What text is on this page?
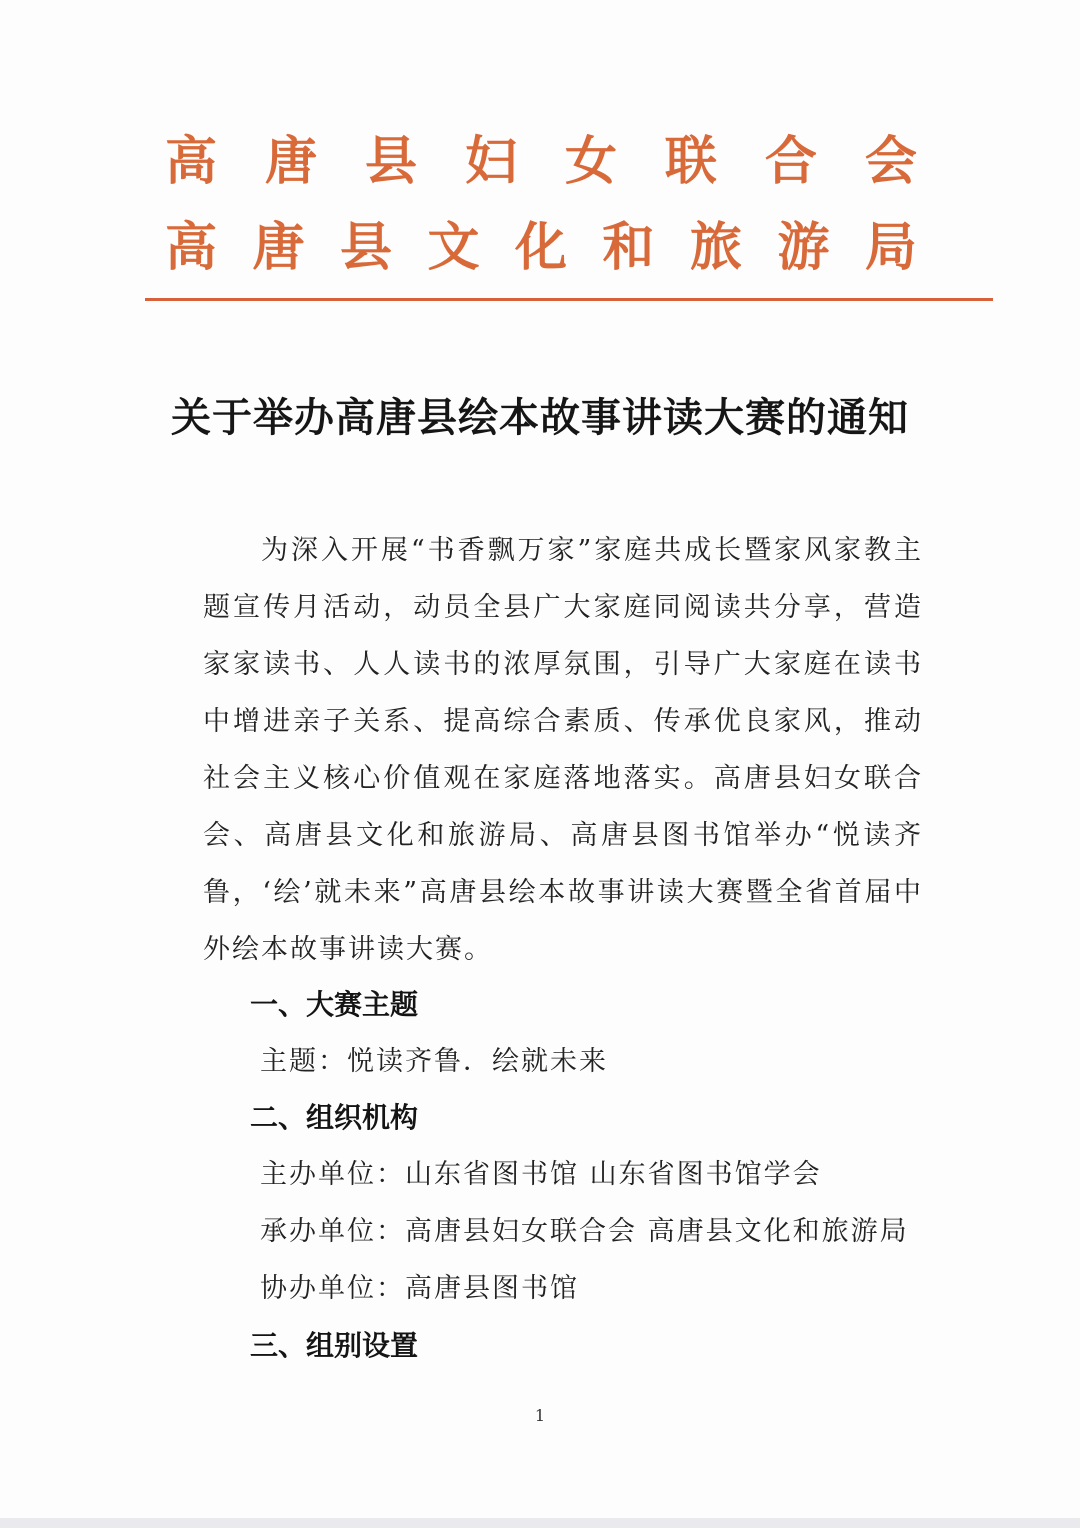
高 唐 县 妇 女 联 合 会
高 唐 县 文 化 和 旅 游 局
关于举办高唐县绘本故事讲读大赛的通知
为深入开展“书香飘万家”家庭共成长暨家风家教主题宣传月活动，动员全县广大家庭同阅读共分享，营造家家读书、人人读书的浓厚氛围，引导广大家庭在读书中增进亲子关系、提高综合素质、传承优良家风，推动社会主义核心价值观在家庭落地落实。高唐县妇女联合会、高唐县文化和旅游局、高唐县图书馆举办“悦读齐鲁，‘绘’就未来”高唐县绘本故事讲读大赛暨全省首届中外绘本故事讲读大赛。
一、大赛主题
主题：悦读齐鲁．绘就未来
二、组织机构
主办单位：山东省图书馆 山东省图书馆学会
承办单位：高唐县妇女联合会 高唐县文化和旅游局
协办单位：高唐县图书馆
三、组别设置
1
